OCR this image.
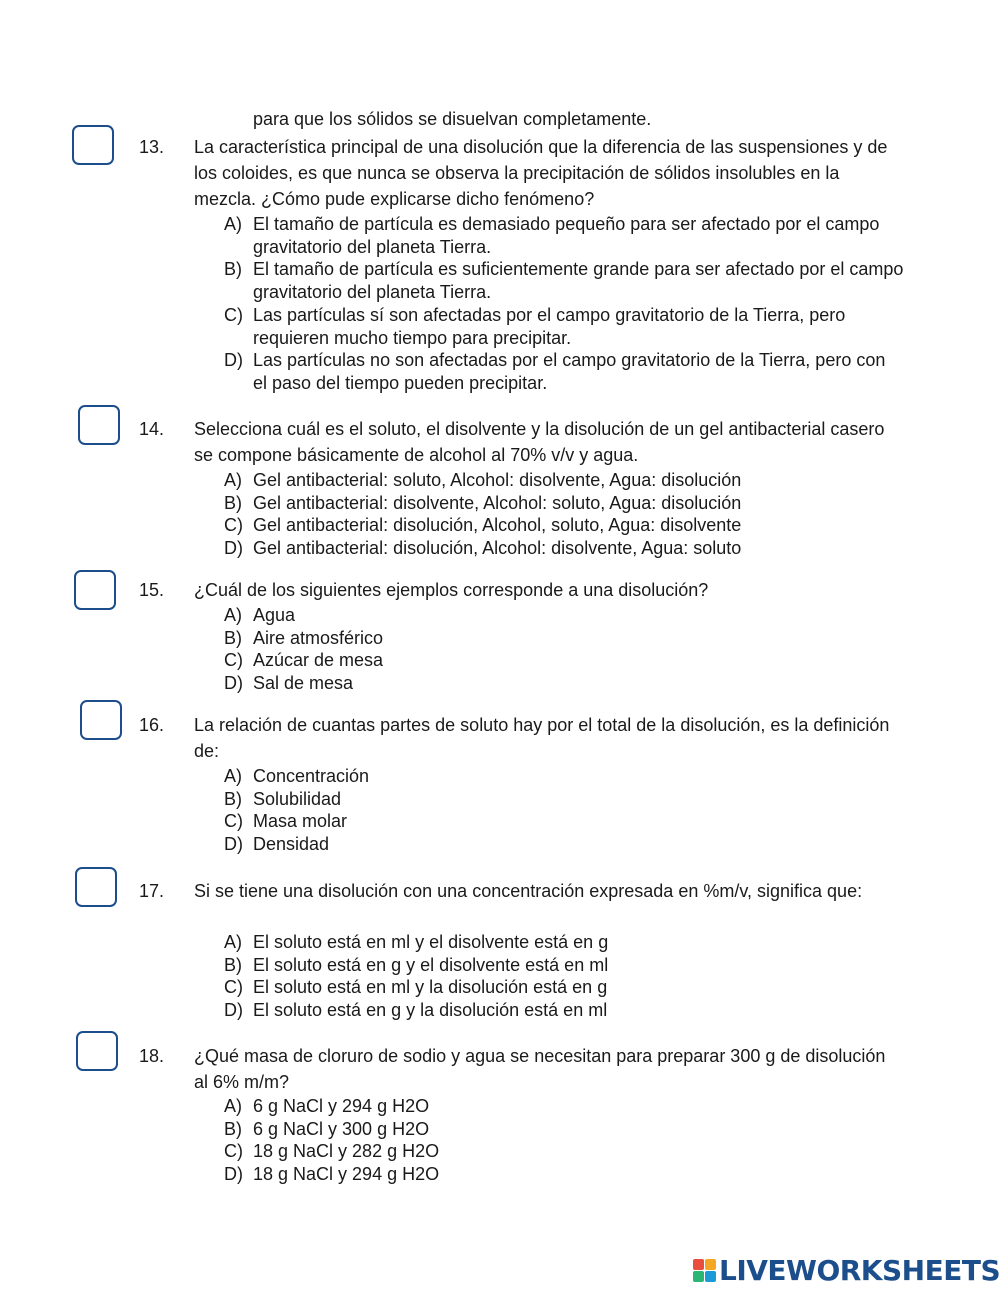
para que los sólidos se disuelvan completamente.
13. La característica principal de una disolución que la diferencia de las suspensiones y de los coloides, es que nunca se observa la precipitación de sólidos insolubles en la mezcla. ¿Cómo pude explicarse dicho fenómeno?

A) El tamaño de partícula es demasiado pequeño para ser afectado por el campo gravitatorio del planeta Tierra.
B) El tamaño de partícula es suficientemente grande para ser afectado por el campo gravitatorio del planeta Tierra.
C) Las partículas sí son afectadas por el campo gravitatorio de la Tierra, pero requieren mucho tiempo para precipitar.
D) Las partículas no son afectadas por el campo gravitatorio de la Tierra, pero con el paso del tiempo pueden precipitar.
14. Selecciona cuál es el soluto, el disolvente y la disolución de un gel antibacterial casero se compone básicamente de alcohol al 70% v/v y agua.

A) Gel antibacterial: soluto, Alcohol: disolvente, Agua: disolución
B) Gel antibacterial: disolvente, Alcohol: soluto, Agua: disolución
C) Gel antibacterial: disolución, Alcohol, soluto, Agua: disolvente
D) Gel antibacterial: disolución, Alcohol: disolvente, Agua: soluto
15. ¿Cuál de los siguientes ejemplos corresponde a una disolución?

A) Agua
B) Aire atmosférico
C) Azúcar de mesa
D) Sal de mesa
16. La relación de cuantas partes de soluto hay por el total de la disolución, es la definición de:

A) Concentración
B) Solubilidad
C) Masa molar
D) Densidad
17. Si se tiene una disolución con una concentración expresada en %m/v, significa que:

A) El soluto está en ml y el disolvente está en g
B) El soluto está en g y el disolvente está en ml
C) El soluto está en ml y la disolución está en g
D) El soluto está en g y la disolución está en ml
18. ¿Qué masa de cloruro de sodio y agua se necesitan para preparar 300 g de disolución al 6% m/m?

A) 6 g NaCl y 294 g H2O
B) 6 g NaCl y 300 g H2O
C) 18 g NaCl y 282 g H2O
D) 18 g NaCl y 294 g H2O
LIVEWORKSHEETS
